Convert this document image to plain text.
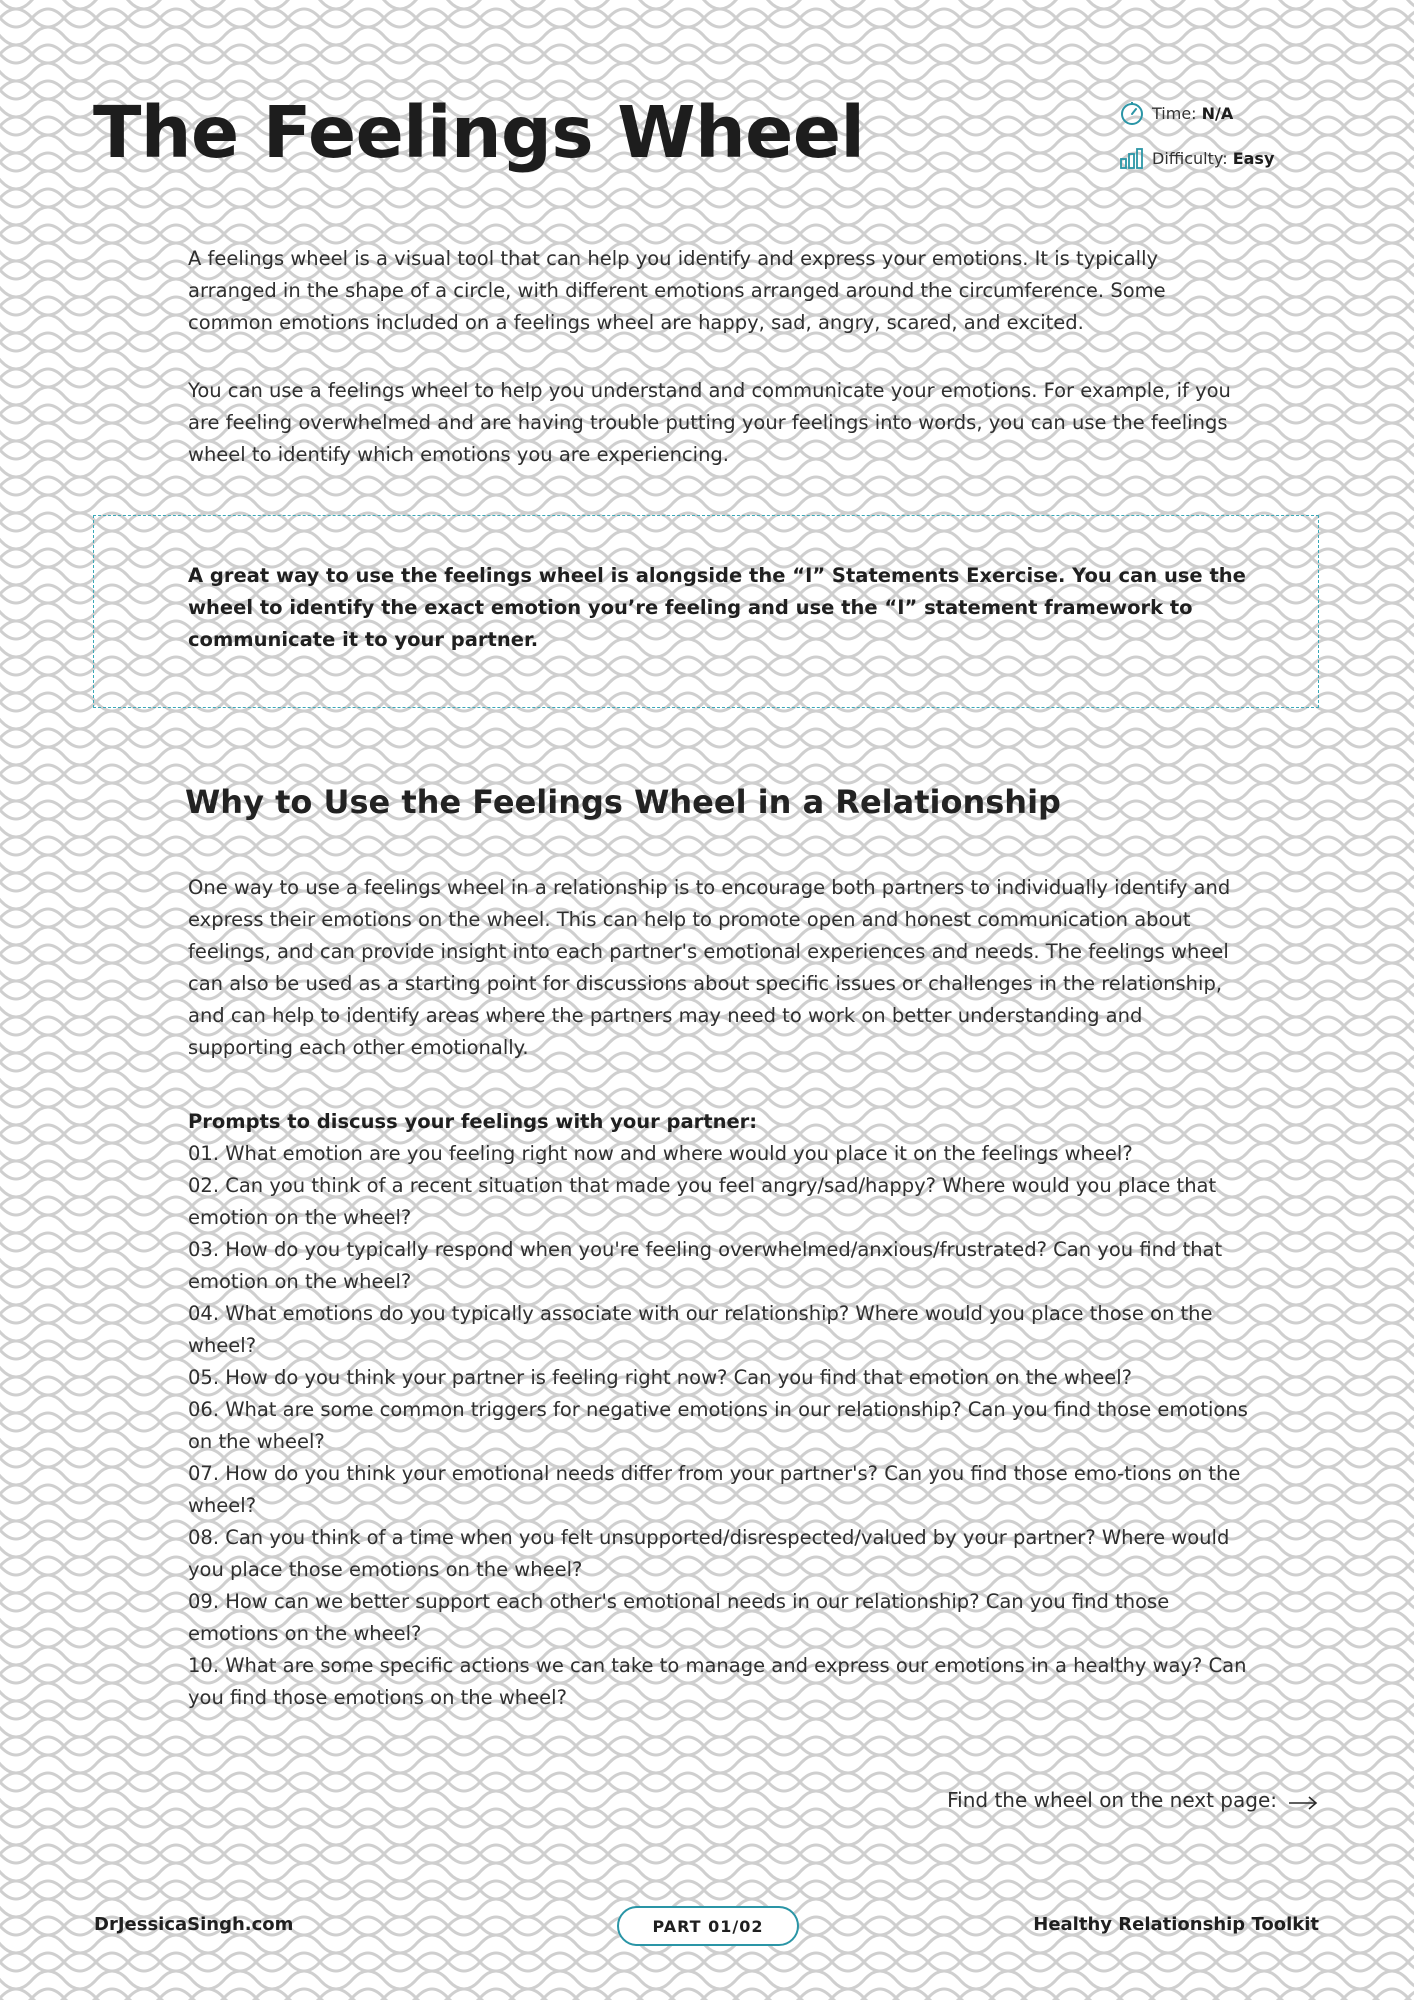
The Feelings Wheel	Time:
N/A
Difficulty:
Easy

A feelings wheel is a visual tool that can help you identify and express your emotions. It is typically arranged in the shape of a circle, with different emotions arranged around the circumference. Some common emotions included on a feelings wheel are happy, sad, angry, scared, and excited.

You can use a feelings wheel to help you understand and communicate your emotions. For example, if you are feeling overwhelmed and are having trouble putting your feelings into words, you can use the feelings wheel to identify which emotions you are experiencing.

A great way to use the feelings wheel is alongside the “I” Statements Exercise. You can use the wheel to identify the exact emotion you’re feeling and use the “I” statement framework to communicate it to your partner.

Why to Use the Feelings Wheel in a Relationship

One way to use a feelings wheel in a relationship is to encourage both partners to individually identify and express their emotions on the wheel. This can help to promote open and honest communication about feelings, and can provide insight into each partner's emotional experiences and needs. The feelings wheel can also be used as a starting point for discussions about specific issues or challenges in the relationship, and can help to identify areas where the partners may need to work on better understanding and supporting each other emotionally.

Prompts to discuss your feelings with your partner:
01. What emotion are you feeling right now and where would you place it on the feelings wheel?
02. Can you think of a recent situation that made you feel angry/sad/happy? Where would you place that emotion on the wheel?
03. How do you typically respond when you're feeling overwhelmed/anxious/frustrated? Can you find that emotion on the wheel?
04. What emotions do you typically associate with our relationship? Where would you place those on the wheel?
05. How do you think your partner is feeling right now? Can you find that emotion on the wheel?
06. What are some common triggers for negative emotions in our relationship? Can you find those emotions on the wheel?
07. How do you think your emotional needs differ from your partner's? Can you find those emo-tions on the wheel?
08. Can you think of a time when you felt unsupported/disrespected/valued by your partner? Where would you place those emotions on the wheel?
09. How can we better support each other's emotional needs in our relationship? Can you find those emotions on the wheel?
10. What are some specific actions we can take to manage and express our emotions in a healthy way? Can you find those emotions on the wheel?
Find the wheel on the next page:
DrJessicaSingh.com	PART 01/02	Healthy Relationship Toolkit
